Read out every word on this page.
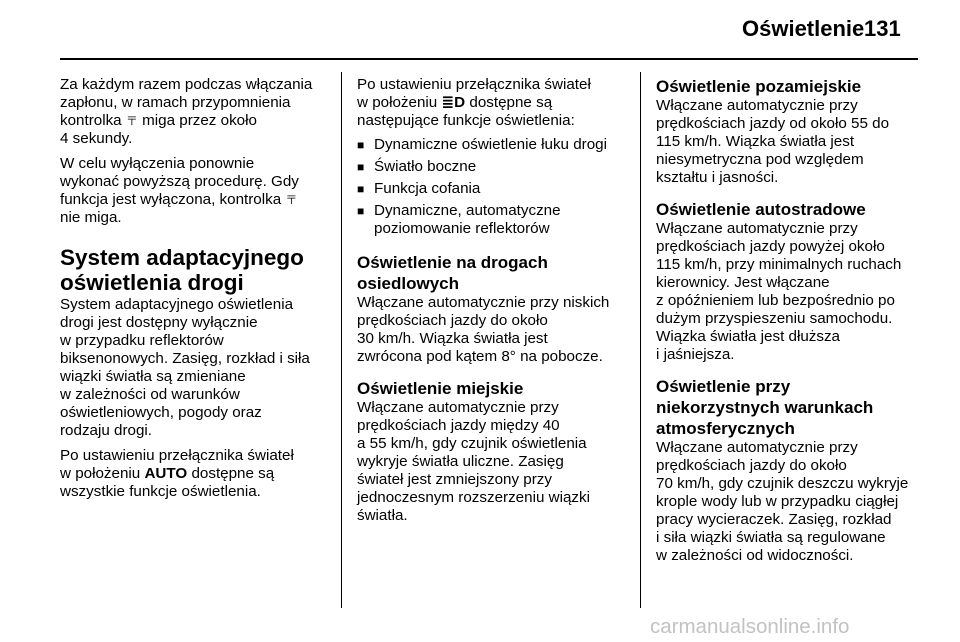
Oświetlenie 131

Za każdym razem podczas włączania
zapłonu, w ramach przypomnienia
kontrolka 〒 miga przez około
4 sekundy.

W celu wyłączenia ponownie
wykonać powyższą procedurę. Gdy
funkcja jest wyłączona, kontrolka 〒
nie miga.

System adaptacyjnego
oświetlenia drogi

System adaptacyjnego oświetlenia
drogi jest dostępny wyłącznie
w przypadku reflektorów
biksenonowych. Zasięg, rozkład i siła
wiązki światła są zmieniane
w zależności od warunków
oświetleniowych, pogody oraz
rodzaju drogi.

Po ustawieniu przełącznika świateł
w położeniu AUTO dostępne są
wszystkie funkcje oświetlenia.

Po ustawieniu przełącznika świateł
w położeniu ≣D dostępne są
następujące funkcje oświetlenia:

■ Dynamiczne oświetlenie łuku drogi
■ Światło boczne
■ Funkcja cofania
■ Dynamiczne, automatyczne
poziomowanie reflektorów
Oświetlenie na drogach
osiedlowych

Włączane automatycznie przy niskich
prędkościach jazdy do około
30 km/h. Wiązka światła jest
zwrócona pod kątem 8° na pobocze.

Oświetlenie miejskie

Włączane automatycznie przy
prędkościach jazdy między 40
a 55 km/h, gdy czujnik oświetlenia
wykryje światła uliczne. Zasięg
świateł jest zmniejszony przy
jednoczesnym rozszerzeniu wiązki
światła.

Oświetlenie pozamiejskie

Włączane automatycznie przy
prędkościach jazdy od około 55 do
115 km/h. Wiązka światła jest
niesymetryczna pod względem
kształtu i jasności.

Oświetlenie autostradowe

Włączane automatycznie przy
prędkościach jazdy powyżej około
115 km/h, przy minimalnych ruchach
kierownicy. Jest włączane
z opóźnieniem lub bezpośrednio po
dużym przyspieszeniu samochodu.
Wiązka światła jest dłuższa
i jaśniejsza.

Oświetlenie przy
niekorzystnych warunkach
atmosferycznych

Włączane automatycznie przy
prędkościach jazdy do około
70 km/h, gdy czujnik deszczu wykryje
krople wody lub w przypadku ciągłej
pracy wycieraczek. Zasięg, rozkład
i siła wiązki światła są regulowane
w zależności od widoczności.

carmanualsonline.info
